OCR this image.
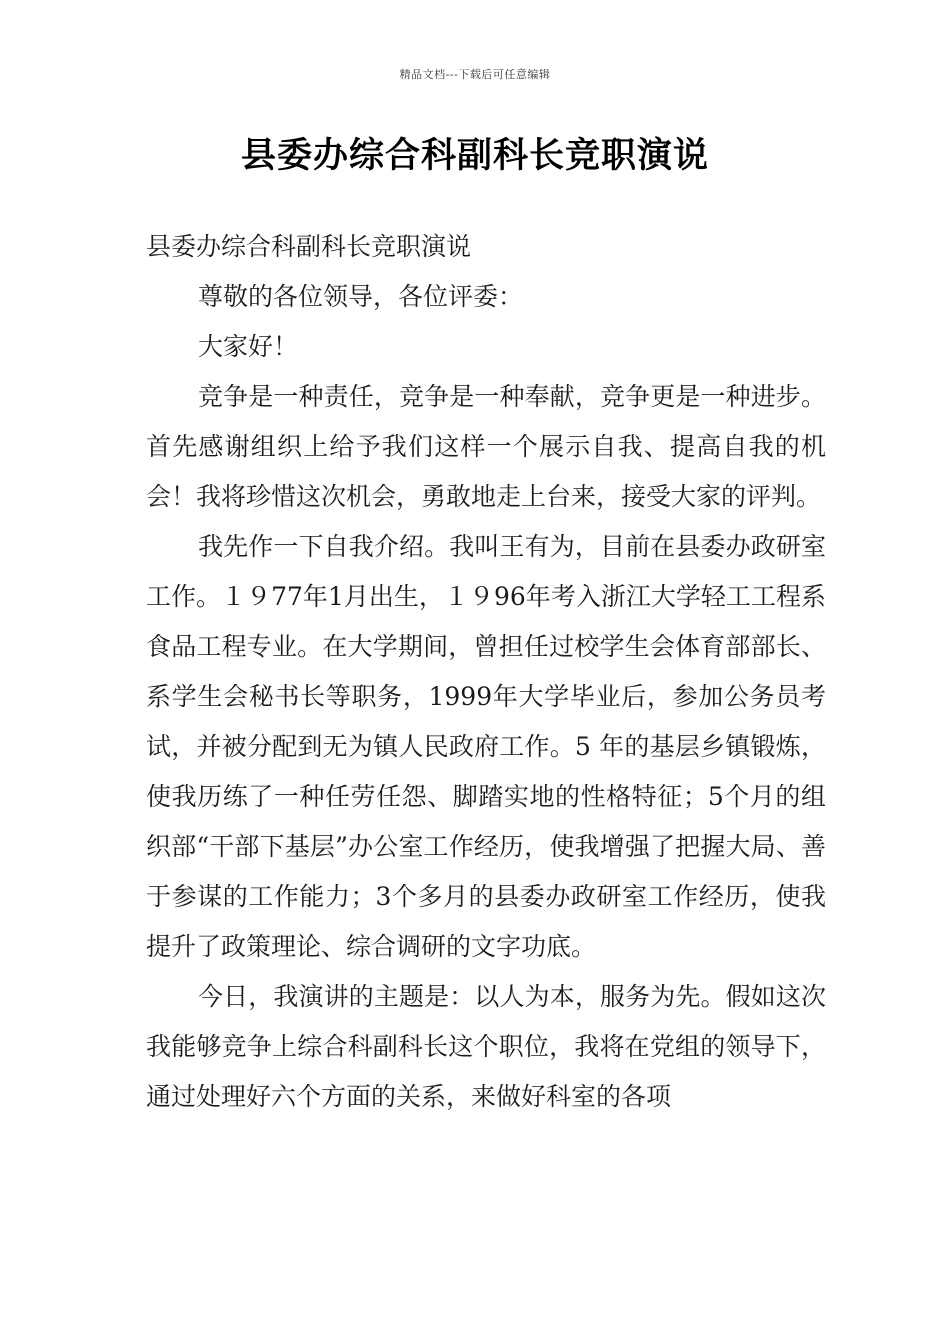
精品文档---下载后可任意编辑
县委办综合科副科长竞职演说

县委办综合科副科长竞职演说

尊敬的各位领导，各位评委：

大家好！

竞争是一种责任，竞争是一种奉献，竞争更是一种进步。首先感谢组织上给予我们这样一个展示自我、提高自我的机会！我将珍惜这次机会，勇敢地走上台来，接受大家的评判。

我先作一下自我介绍。我叫王有为，目前在县委办政研室工作。１９77年1月出生，１９96年考入浙江大学轻工工程系食品工程专业。在大学期间，曾担任过校学生会体育部部长、系学生会秘书长等职务，1999年大学毕业后，参加公务员考试，并被分配到无为镇人民政府工作。5 年的基层乡镇锻炼，使我历练了一种任劳任怨、脚踏实地的性格特征；5个月的组织部“干部下基层”办公室工作经历，使我增强了把握大局、善于参谋的工作能力；3个多月的县委办政研室工作经历，使我提升了政策理论、综合调研的文字功底。

今日，我演讲的主题是：以人为本，服务为先。假如这次我能够竞争上综合科副科长这个职位，我将在党组的领导下，通过处理好六个方面的关系，来做好科室的各项
